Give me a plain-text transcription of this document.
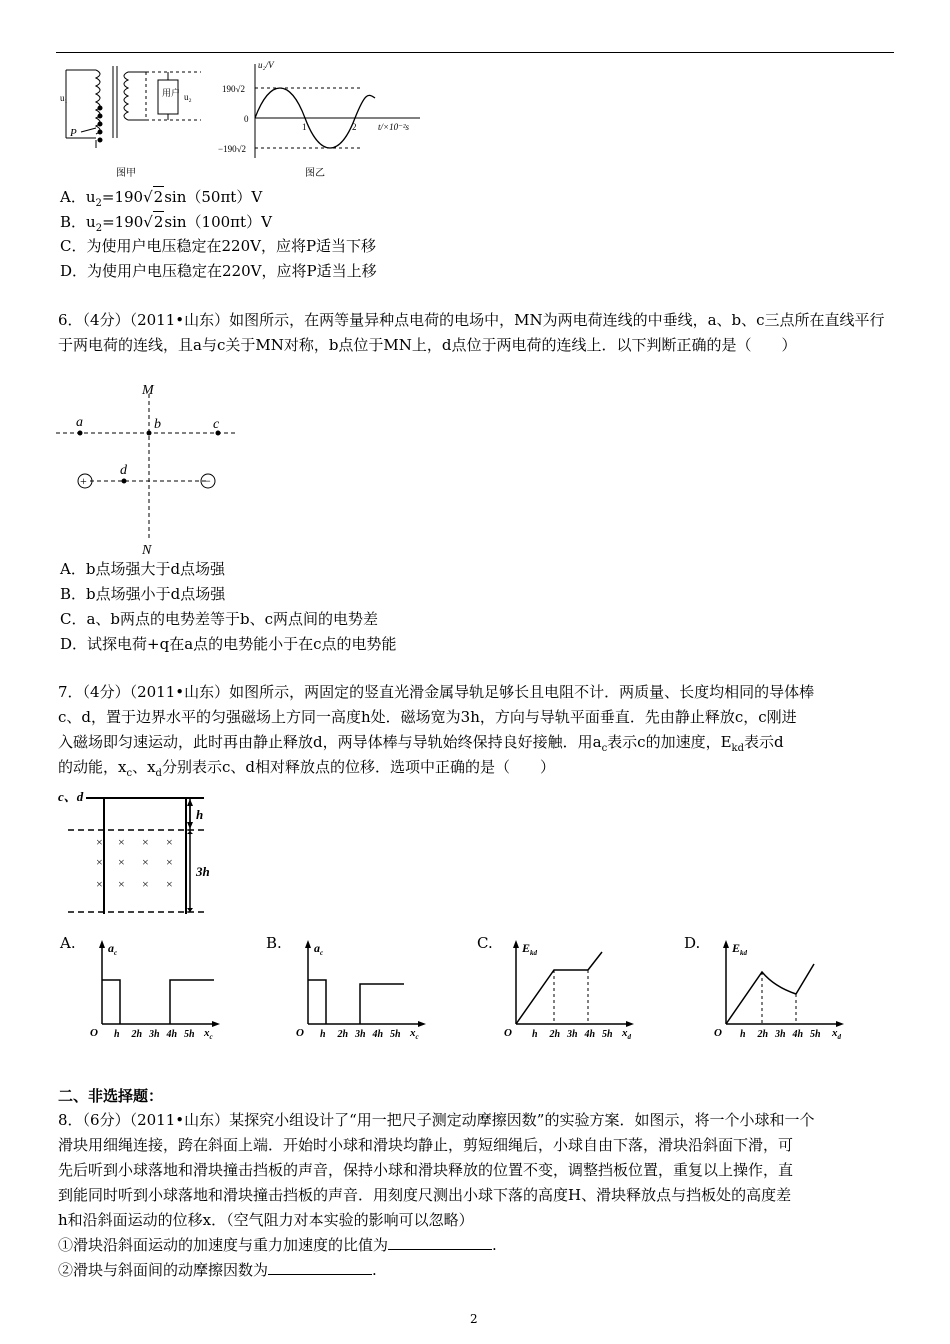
u₁	用户 u₂
P
图甲
u₂/V
190√2
−190√2
0
1	2 t/×10⁻²s
图乙
A．$u_2=190√2\sin(50\pi t)V$
B．$u_2=190√2\sin(100\pi t)V$
C．为使用户电压稳定在220V，应将P适当下移
D．为使用户电压稳定在220V，应将P适当上移
6．（4分）（2011•山东）如图所示，在两等量异种点电荷的电场中，MN为两电荷连线的中垂线，a、b、c三点所在直线平行于两电荷的连线，且a与c关于MN对称，b点位于MN上，d点位于两电荷的连线上．以下判断正确的是（　　）
+	−
M
N
a	b	c
d
A．b点场强大于d点场强
B．b点场强小于d点场强
C．a、b两点的电势差等于b、c两点间的电势差
D．试探电荷+q在a点的电势能小于在c点的电势能
7．（4分）（2011•山东）如图所示，两固定的竖直光滑金属导轨足够长且电阻不计．两质量、长度均相同的导体棒
c、d，置于边界水平的匀强磁场上方同一高度h处．磁场宽为3h，方向与导轨平面垂直．先由静止释放c，c刚进
入磁场即匀速运动，此时再由静止释放d，两导体棒与导轨始终保持良好接触．用$a_c$表示c的加速度，$E_{kd}$表示d
的动能，$x_c$、$x_d$分别表示c、d相对释放点的位移．选项中正确的是（　　）
c、d
h
3h
× × × ×
× × × ×
× × × ×
A.	B.	C.	D.
$a_c$
O	$x_c$
h 2h 3h 4h 5h
$a_c$
O	$x_c$
h 2h 3h 4h 5h
$E_{kd}$
O	$x_d$
h 2h 3h 4h 5h
$E_{kd}$
O	$x_d$
h 2h 3h 4h 5h
二、非选择题：
8．（6分）（2011•山东）某探究小组设计了“用一把尺子测定动摩擦因数”的实验方案．如图示，将一个小球和一个
滑块用细绳连接，跨在斜面上端．开始时小球和滑块均静止，剪短细绳后，小球自由下落，滑块沿斜面下滑，可
先后听到小球落地和滑块撞击挡板的声音，保持小球和滑块释放的位置不变，调整挡板位置，重复以上操作，直
到能同时听到小球落地和滑块撞击挡板的声音．用刻度尺测出小球下落的高度H、滑块释放点与挡板处的高度差
h和沿斜面运动的位移x．（空气阻力对本实验的影响可以忽略）
①滑块沿斜面运动的加速度与重力加速度的比值为	.
②滑块与斜面间的动摩擦因数为	.
2
